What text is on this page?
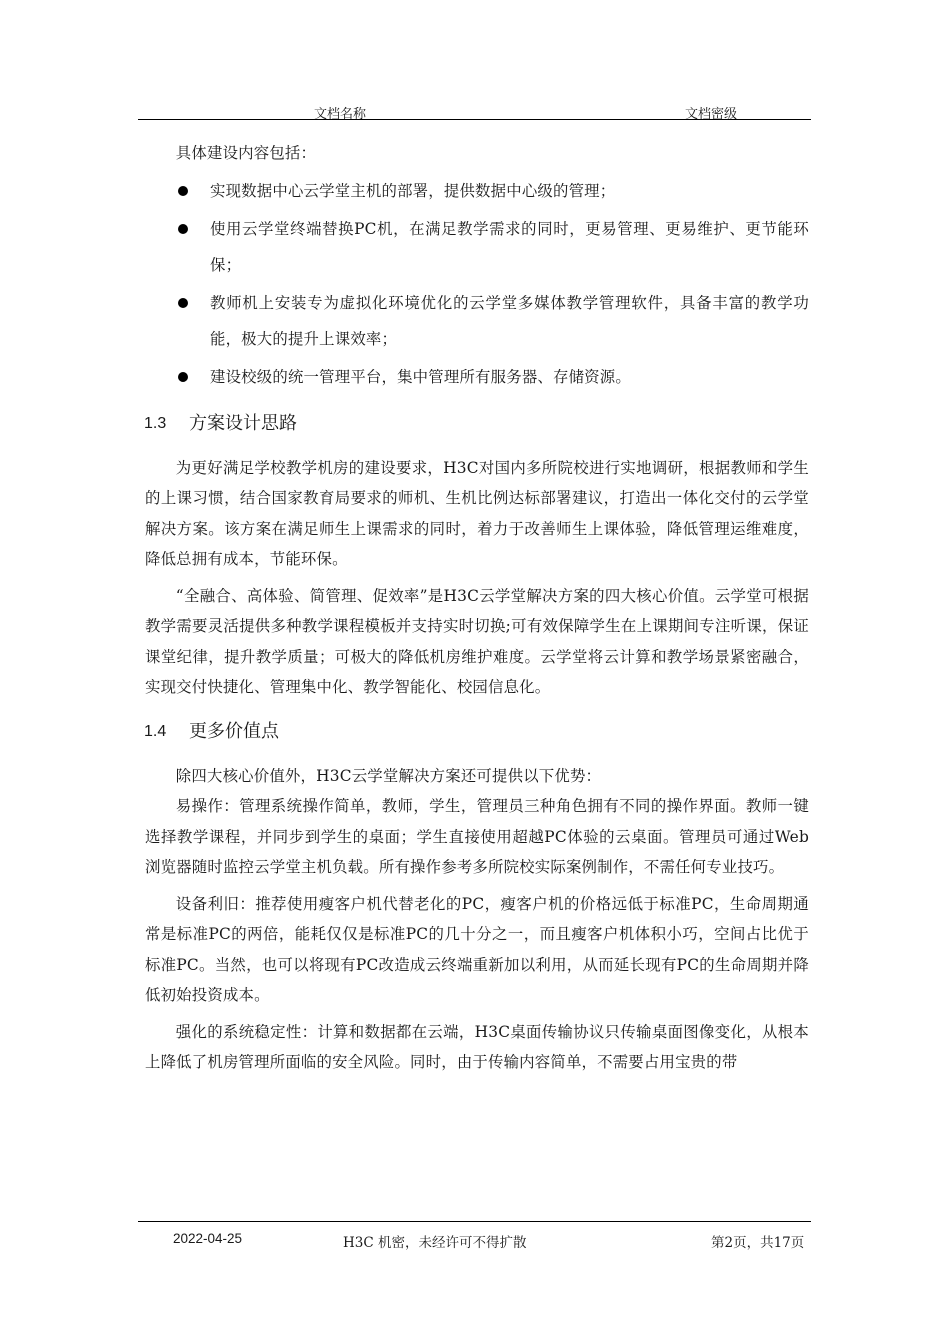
文档名称	文档密级

具体建设内容包括：

实现数据中心云学堂主机的部署，提供数据中心级的管理；
使用云学堂终端替换PC机，在满足教学需求的同时，更易管理、更易维护、更节能环保；
教师机上安装专为虚拟化环境优化的云学堂多媒体教学管理软件，具备丰富的教学功能，极大的提升上课效率；
建设校级的统一管理平台，集中管理所有服务器、存储资源。
1.3	方案设计思路

为更好满足学校教学机房的建设要求，H3C对国内多所院校进行实地调研，根据教师和学生的上课习惯，结合国家教育局要求的师机、生机比例达标部署建议，打造出一体化交付的云学堂解决方案。该方案在满足师生上课需求的同时，着力于改善师生上课体验，降低管理运维难度，降低总拥有成本，节能环保。

“全融合、高体验、简管理、促效率”是H3C云学堂解决方案的四大核心价值。云学堂可根据教学需要灵活提供多种教学课程模板并支持实时切换;可有效保障学生在上课期间专注听课，保证课堂纪律，提升教学质量；可极大的降低机房维护难度。云学堂将云计算和教学场景紧密融合，实现交付快捷化、管理集中化、教学智能化、校园信息化。

1.4	更多价值点

除四大核心价值外，H3C云学堂解决方案还可提供以下优势：

易操作：管理系统操作简单，教师，学生，管理员三种角色拥有不同的操作界面。教师一键选择教学课程，并同步到学生的桌面；学生直接使用超越PC体验的云桌面。管理员可通过Web浏览器随时监控云学堂主机负载。所有操作参考多所院校实际案例制作，不需任何专业技巧。

设备利旧：推荐使用瘦客户机代替老化的PC，瘦客户机的价格远低于标准PC，生命周期通常是标准PC的两倍，能耗仅仅是标准PC的几十分之一，而且瘦客户机体积小巧，空间占比优于标准PC。当然，也可以将现有PC改造成云终端重新加以利用，从而延长现有PC的生命周期并降低初始投资成本。

强化的系统稳定性：计算和数据都在云端，H3C桌面传输协议只传输桌面图像变化，从根本上降低了机房管理所面临的安全风险。同时，由于传输内容简单，不需要占用宝贵的带

2022-04-25	H3C 机密，未经许可不得扩散	第2页，共17页
